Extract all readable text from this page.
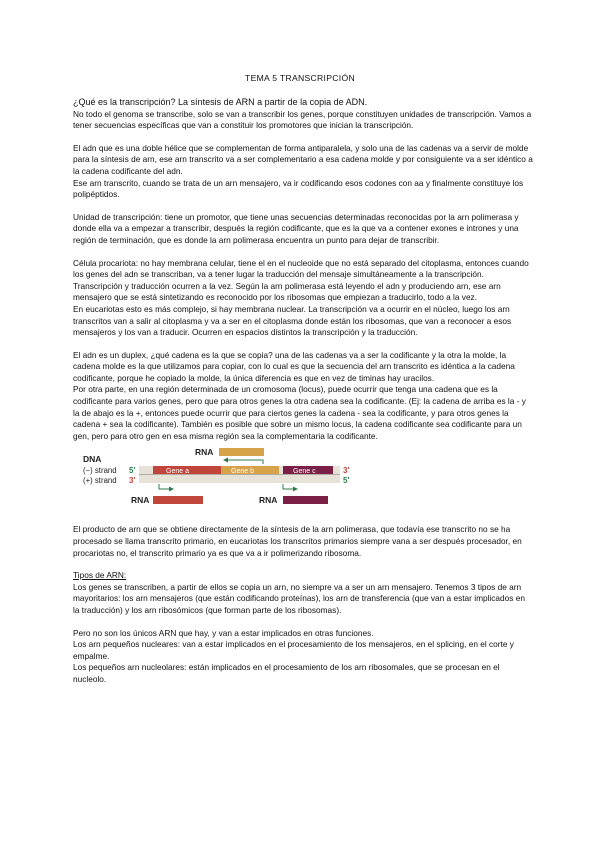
TEMA 5 TRANSCRIPCIÓN

¿Qué es la transcripción? La síntesis de ARN a partir de la copia de ADN.

No todo el genoma se transcribe, solo se van a transcribir los genes, porque constituyen unidades de transcripción. Vamos a tener secuencias específicas que van a constituir los promotores que inician la transcripción.

El adn que es una doble hélice que se complementan de forma antiparalela, y solo una de las cadenas va a servir de molde para la síntesis de arn, ese arn transcrito va a ser complementario a esa cadena molde y por consiguiente va a ser idéntico a la cadena codificante del adn.

Ese arn transcrito, cuando se trata de un arn mensajero, va ir codificando esos codones con aa y finalmente constituye los polipéptidos.

Unidad de transcripción: tiene un promotor, que tiene unas secuencias determinadas reconocidas por la arn polimerasa y donde ella va a empezar a transcribir, después la región codificante, que es la que va a contener exones e intrones y una región de terminación, que es donde la arn polimerasa encuentra un punto para dejar de transcribir.

Célula procariota: no hay membrana celular, tiene el en el nucleoide que no está separado del citoplasma, entonces cuando los genes del adn se transcriban, va a tener lugar la traducción del mensaje simultáneamente a la transcripción. Transcripción y traducción ocurren a la vez. Según la arn polimerasa está leyendo el adn y produciendo arn, ese arn mensajero que se está sintetizando es reconocido por los ribosomas que empiezan a traducirlo, todo a la vez.

En eucariotas esto es más complejo, si hay membrana nuclear. La transcripción va a ocurrir en el núcleo, luego los arn transcritos van a salir al citoplasma y va a ser en el citoplasma donde están los ribosomas, que van a reconocer a esos mensajeros y los van a traducir. Ocurren en espacios distintos la transcripción y la traducción.

El adn es un duplex, ¿qué cadena es la que se copia? una de las cadenas va a ser la codificante y la otra la molde, la cadena molde es la que utilizamos para copiar, con lo cual es que la secuencia del arn transcrito es idéntica a la cadena codificante, porque he copiado la molde, la única diferencia es que en vez de timinas hay uracilos.

Por otra parte, en una región determinada de un cromosoma (locus), puede ocurrir que tenga una cadena que es la codificante para varios genes, pero que para otros genes la otra cadena sea la codificante. (Ej: la cadena de arriba es la - y la de abajo es la +, entonces puede ocurrir que para ciertos genes la cadena - sea la codificante, y para otros genes la cadena + sea la codificante). También es posible que sobre un mismo locus, la cadena codificante sea codificante para un gen, pero para otro gen en esa misma región sea la complementaria la codificante.

RNA
DNA
(−) strand
(+) strand
5′
3′
3′
5′
Gene a	Gene b	Gene c
RNA	RNA

El producto de arn que se obtiene directamente de la síntesis de la arn polimerasa, que todavía ese transcrito no se ha procesado se llama transcrito primario, en eucariotas los transcritos primarios siempre vana a ser después procesador, en procariotas no, el transcrito primario ya es que va a ir polimerizando ribosoma.

Tipos de ARN:

Los genes se transcriben, a partir de ellos se copia un arn, no siempre va a ser un arn mensajero. Tenemos 3 tipos de arn mayoritarios: los arn mensajeros (que están codificando proteínas), los arn de transferencia (que van a estar implicados en la traducción) y los arn ribosómicos (que forman parte de los ribosomas).

Pero no son los únicos ARN que hay, y van a estar implicados en otras funciones.

Los arn pequeños nucleares: van a estar implicados en el procesamiento de los mensajeros, en el splicing, en el corte y empalme.

Los pequeños arn nucleolares: están implicados en el procesamiento de los arn ribosomales, que se procesan en el nucleolo.
